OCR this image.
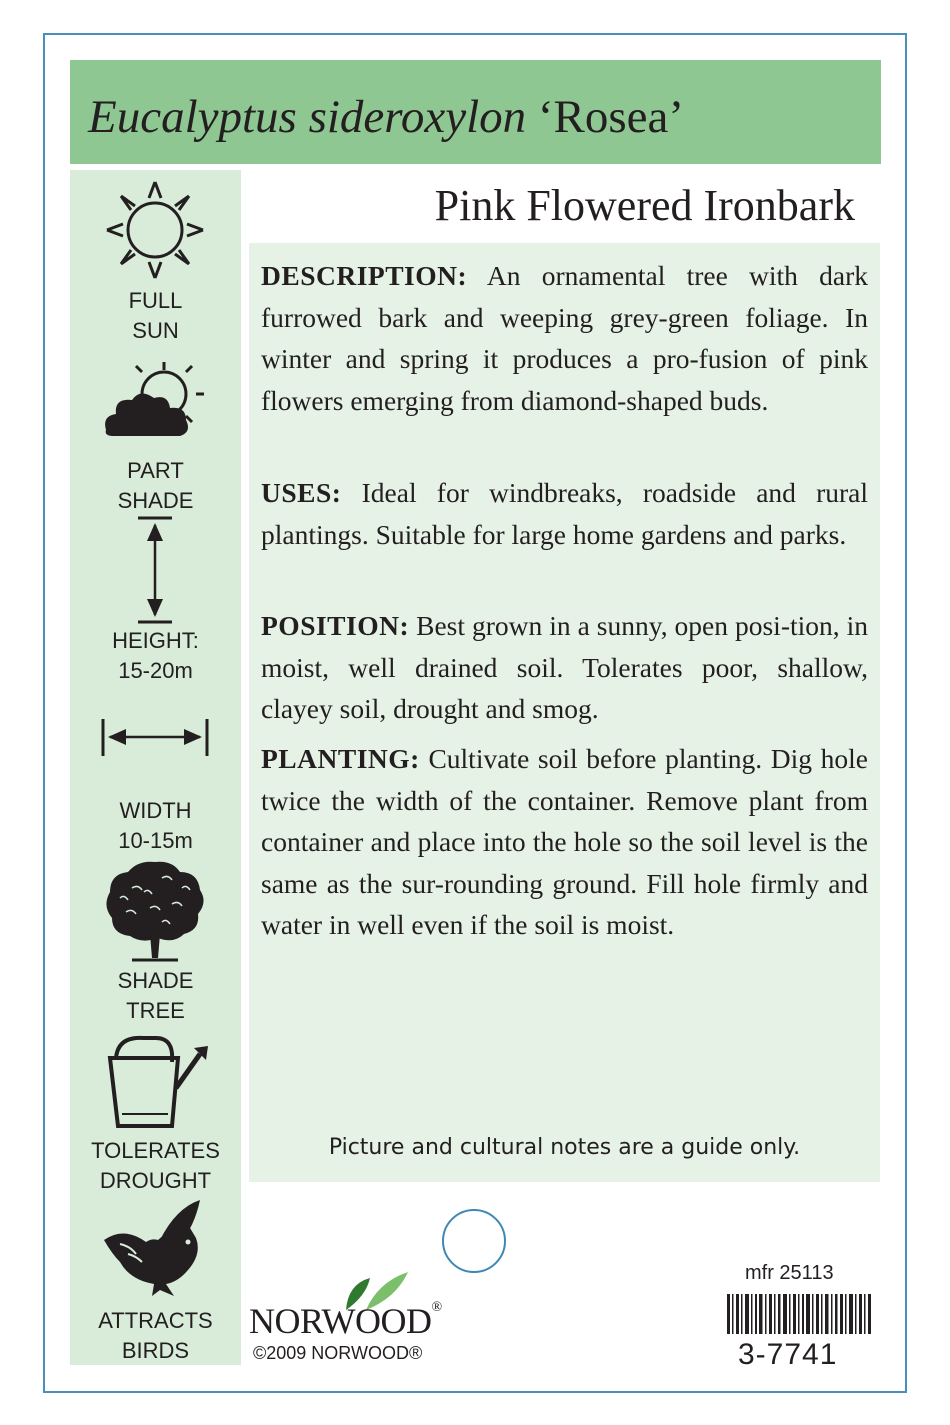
Eucalyptus sideroxylon ‘Rosea’
Pink Flowered Ironbark

DESCRIPTION: An ornamental tree with dark furrowed bark and weeping grey-green foliage. In winter and spring it produces a pro-fusion of pink flowers emerging from diamond-shaped buds.

USES: Ideal for windbreaks, roadside and rural plantings. Suitable for large home gardens and parks.

POSITION: Best grown in a sunny, open posi-tion, in moist, well drained soil. Tolerates poor, shallow, clayey soil, drought and smog.

PLANTING: Cultivate soil before planting. Dig hole twice the width of the container. Remove plant from container and place into the hole so the soil level is the same as the sur-rounding ground. Fill hole firmly and water in well even if the soil is moist.

Picture and cultural notes are a guide only.
FULL
SUN
PART
SHADE
HEIGHT:
15-20m
WIDTH
10-15m
SHADE
TREE
TOLERATES
DROUGHT
ATTRACTS
BIRDS
NORWOOD®
©2009 NORWOOD®
mfr 25113
3-7741
